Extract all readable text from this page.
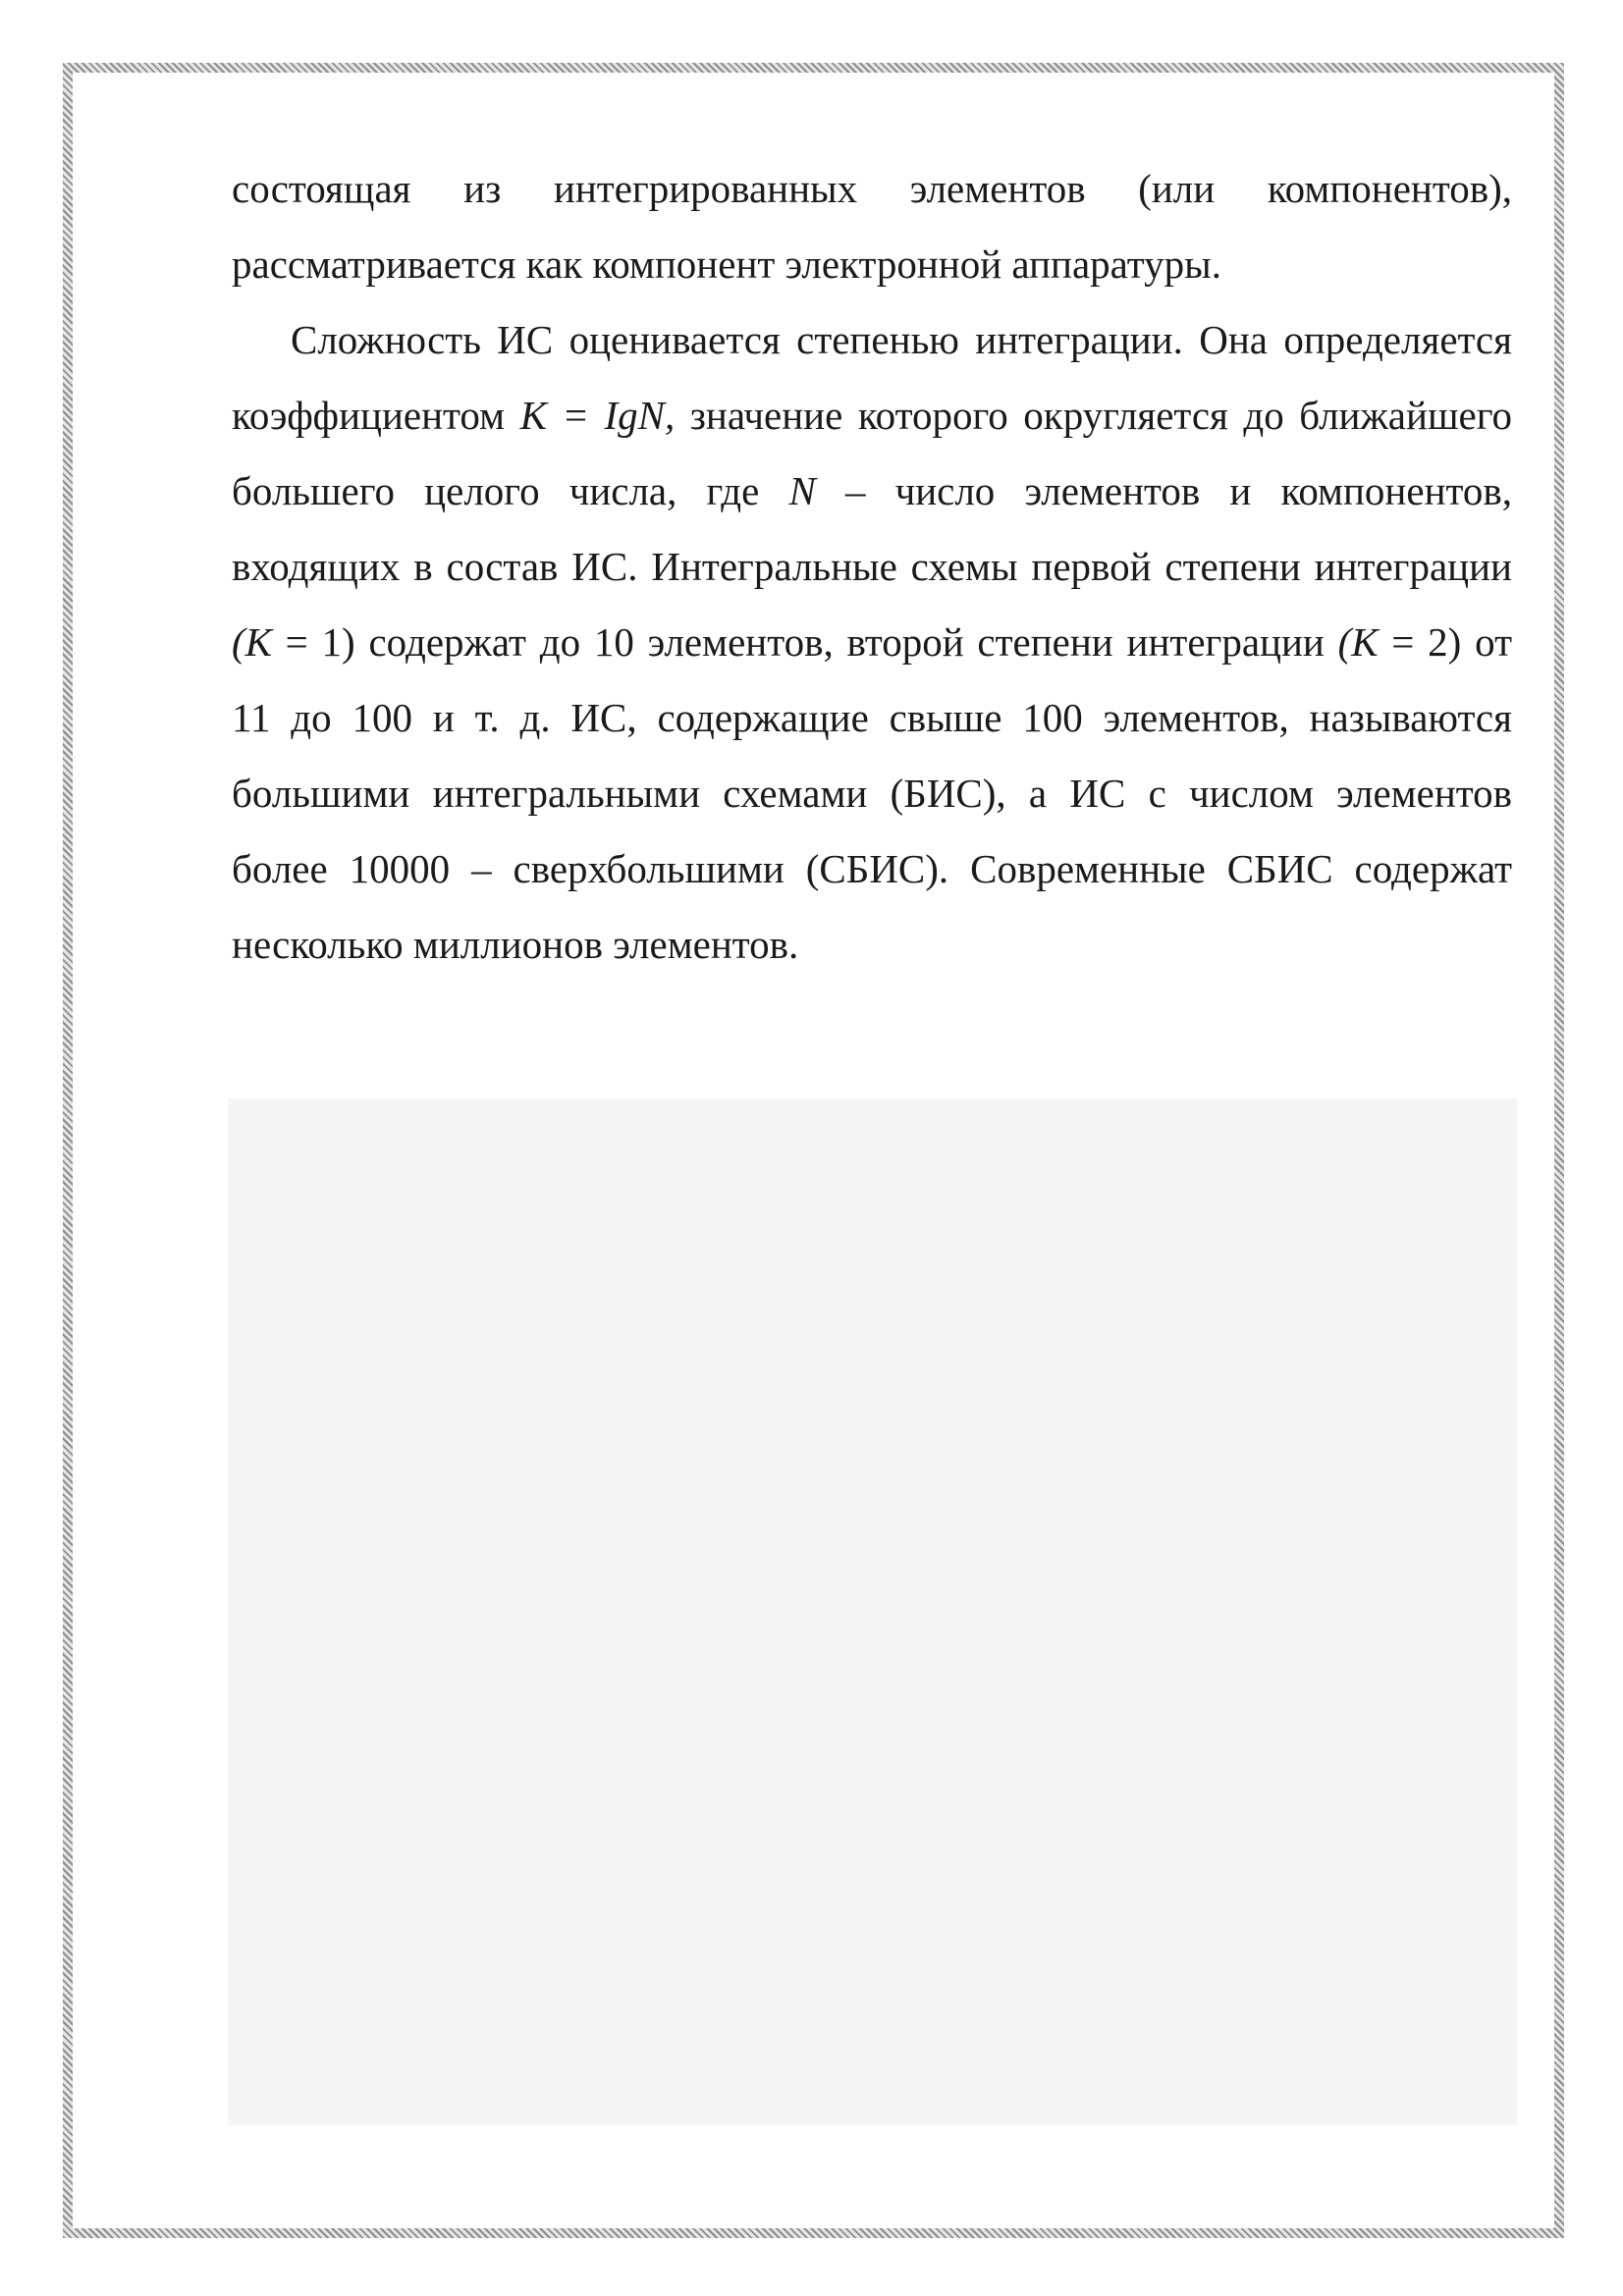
состоящая из интегрированных элементов (или компонентов), рассматривается как компонент электронной аппаратуры.

Сложность ИС оценивается степенью интеграции. Она определяется коэффициентом К = IgN, значение которого округляется до ближайшего большего целого числа, где N – число элементов и компонентов, входящих в состав ИС. Интегральные схемы первой степени интеграции (К = 1) содержат до 10 элементов, второй степени интеграции (К = 2) от 11 до 100 и т. д. ИС, содержащие свыше 100 элементов, называются большими интегральными схемами (БИС), а ИС с числом элементов более 10000 – сверхбольшими (СБИС). Современные СБИС содержат несколько миллионов элементов.
